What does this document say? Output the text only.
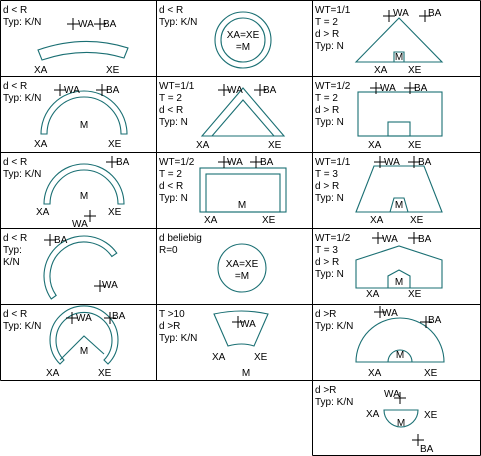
d < R
Typ: K/N	WA BA
XA	XE
d < R
Typ: K/N
XA=XE
=M
WT=1/1
T = 2
d > R
Typ: N
WA BA
M
XA XE
d < R
Typ: K/N
WA	BA
M
XA	XE
WT=1/1
T = 2
d < R
Typ: N
WA BA
XA	XE
WT=1/2
T = 2
d > R
Typ: N
WA BA
XA	XE
d < R
Typ: K/N
BA
M
XA	XE
WA
WT=1/2
T = 2
d < R
Typ: N
WA BA
M
XA	XE
WT=1/1
T = 3
d > R
Typ: N
WA BA
M
XA	XE
d < R
Typ:
K/N
BA
WA
d beliebig
R=0
XA=XE
=M
WT=1/2
T = 3
d > R
Typ: N
WA BA
M
XA	XE
d < R
Typ: K/N
WA BA
M
XA	XE
T >10
d >R
Typ: K/N
WA
XA	XE
M
d >R
Typ: K/N
WA
BA
M
XA	XE
d >R
Typ: K/N
WA
XA	XE
M
BA
